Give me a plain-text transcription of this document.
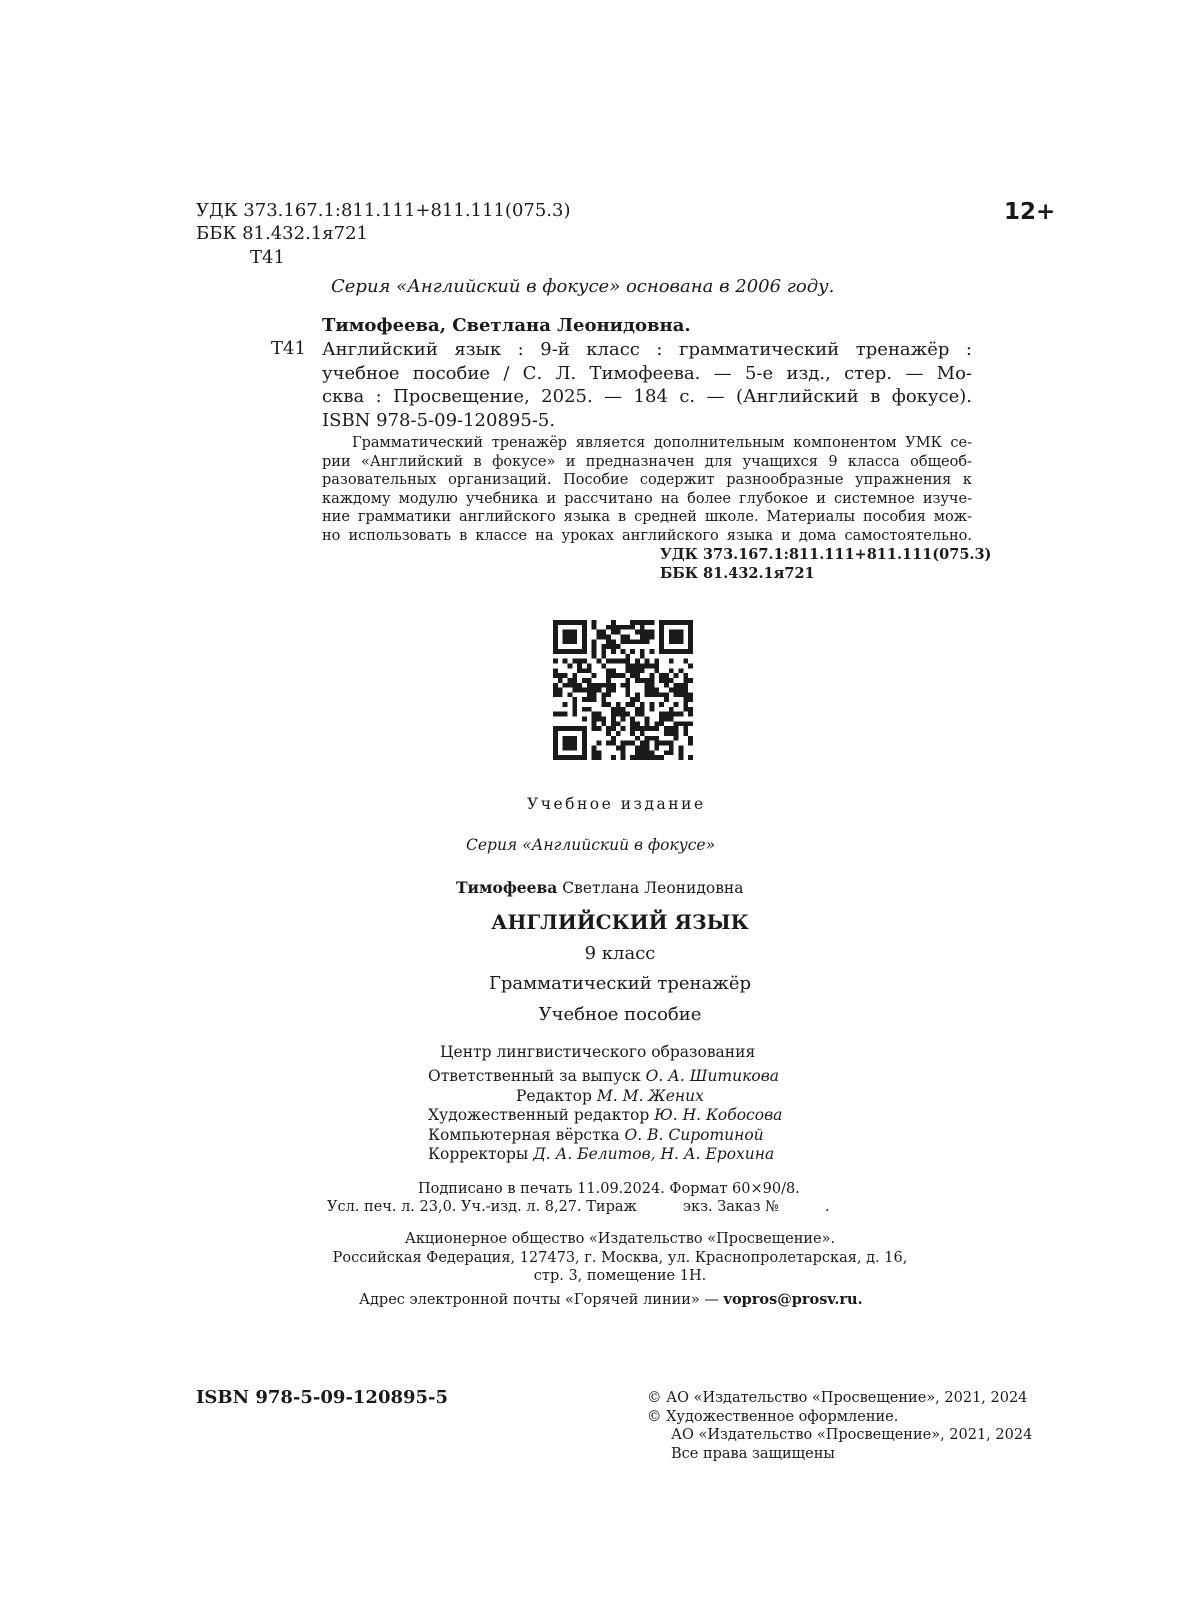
УДК 373.167.1:811.111+811.111(075.3)
ББК 81.432.1я721
Т41
12+
Серия «Английский в фокусе» основана в 2006 году.
Тимофеева, Светлана Леонидовна.
Т41 Английский язык : 9-й класс : грамматический тренажёр :
учебное пособие / С. Л. Тимофеева. — 5-е изд., стер. — Мо-
сква : Просвещение, 2025. — 184 с. — (Английский в фокусе).
ISBN 978-5-09-120895-5.

Грамматический тренажёр является дополнительным компонентом УМК се-

рии «Английский в фокусе» и предназначен для учащихся 9 класса общеоб-

разовательных организаций. Пособие содержит разнообразные упражнения к

каждому модулю учебника и рассчитано на более глубокое и системное изуче-

ние грамматики английского языка в средней школе. Материалы пособия мож-

но использовать в классе на уроках английского языка и дома самостоятельно.

УДК 373.167.1:811.111+811.111(075.3)
ББК 81.432.1я721
Учебное издание
Серия «Английский в фокусе»
Тимофеева Светлана Леонидовна
АНГЛИЙСКИЙ ЯЗЫК
9 класс
Грамматический тренажёр
Учебное пособие
Центр лингвистического образования
Ответственный за выпуск О. А. Шитикова
Редактор М. М. Жених
Художественный редактор Ю. Н. Кобосова
Компьютерная вёрстка О. В. Сиротиной
Корректоры Д. А. Белитов, Н. А. Ерохина
Подписано в печать 11.09.2024. Формат 60×90/8.
Усл. печ. л. 23,0. Уч.-изд. л. 8,27. Тираж          экз. Заказ №          .
Акционерное общество «Издательство «Просвещение».
Российская Федерация, 127473, г. Москва, ул. Краснопролетарская, д. 16,
стр. 3, помещение 1Н.
Адрес электронной почты «Горячей линии» — vopros@prosv.ru.
ISBN 978-5-09-120895-5	© АО «Издательство «Просвещение», 2021, 2024
© Художественное оформление.
АО «Издательство «Просвещение», 2021, 2024
Все права защищены
